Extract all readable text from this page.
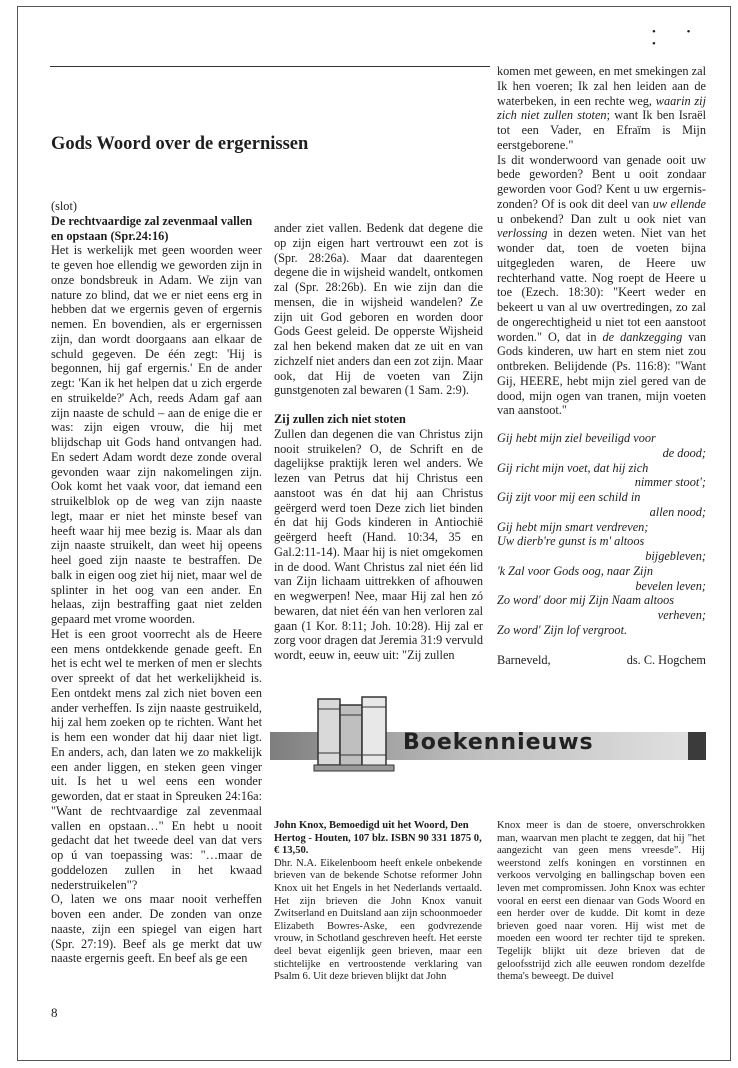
• • •
Gods Woord over de ergernissen

(slot)

De rechtvaardige zal zevenmaal vallen en opstaan (Spr.24:16)

Het is werkelijk met geen woorden weer te geven hoe ellendig we geworden zijn in onze bondsbreuk in Adam. We zijn van nature zo blind, dat we er niet eens erg in hebben dat we ergernis geven of ergernis nemen. En bovendien, als er ergernissen zijn, dan wordt doorgaans aan elkaar de schuld gegeven. De één zegt: 'Hij is begonnen, hij gaf ergernis.' En de ander zegt: 'Kan ik het helpen dat u zich ergerde en struikelde?' Ach, reeds Adam gaf aan zijn naaste de schuld – aan de enige die er was: zijn eigen vrouw, die hij met blijdschap uit Gods hand ontvangen had. En sedert Adam wordt deze zonde overal gevonden waar zijn nakomelingen zijn. Ook komt het vaak voor, dat iemand een struikelblok op de weg van zijn naaste legt, maar er niet het minste besef van heeft waar hij mee bezig is. Maar als dan zijn naaste struikelt, dan weet hij opeens heel goed zijn naaste te bestraffen. De balk in eigen oog ziet hij niet, maar wel de splinter in het oog van een ander. En helaas, zijn bestraffing gaat niet zelden gepaard met vrome woorden.

Het is een groot voorrecht als de Heere een mens ontdekkende genade geeft. En het is echt wel te merken of men er slechts over spreekt of dat het werkelijkheid is. Een ontdekt mens zal zich niet boven een ander verheffen. Is zijn naaste gestruikeld, hij zal hem zoeken op te richten. Want het is hem een wonder dat hij daar niet ligt. En anders, ach, dan laten we zo makkelijk een ander liggen, en steken geen vinger uit. Is het u wel eens een wonder geworden, dat er staat in Spreuken 24:16a: "Want de rechtvaardige zal zevenmaal vallen en opstaan…" En hebt u nooit gedacht dat het tweede deel van dat vers op ú van toepassing was: "…maar de goddelozen zullen in het kwaad nederstruikelen"?

O, laten we ons maar nooit verheffen boven een ander. De zonden van onze naaste, zijn een spiegel van eigen hart (Spr. 27:19). Beef als ge merkt dat uw naaste ergernis geeft. En beef als ge een

ander ziet vallen. Bedenk dat degene die op zijn eigen hart vertrouwt een zot is (Spr. 28:26a). Maar dat daarentegen degene die in wijsheid wandelt, ontkomen zal (Spr. 28:26b). En wie zijn dan die mensen, die in wijsheid wandelen? Ze zijn uit God geboren en worden door Gods Geest geleid. De opperste Wijsheid zal hen bekend maken dat ze uit en van zichzelf niet anders dan een zot zijn. Maar ook, dat Hij de voeten van Zijn gunstgenoten zal bewaren (1 Sam. 2:9).

Zij zullen zich niet stoten

Zullen dan degenen die van Christus zijn nooit struikelen? O, de Schrift en de dagelijkse praktijk leren wel anders. We lezen van Petrus dat hij Christus een aanstoot was én dat hij aan Christus geërgerd werd toen Deze zich liet binden én dat hij Gods kinderen in Antiochië geërgerd heeft (Hand. 10:34, 35 en Gal.2:11-14). Maar hij is niet omgekomen in de dood. Want Christus zal niet één lid van Zijn lichaam uittrekken of afhouwen en wegwerpen! Nee, maar Hij zal hen zó bewaren, dat niet één van hen verloren zal gaan (1 Kor. 8:11; Joh. 10:28). Hij zal er zorg voor dragen dat Jeremia 31:9 vervuld wordt, eeuw in, eeuw uit: "Zij zullen

komen met geween, en met smekingen zal Ik hen voeren; Ik zal hen leiden aan de waterbeken, in een rechte weg, waarin zij zich niet zullen stoten; want Ik ben Israël tot een Vader, en Efraïm is Mijn eerstgeborene."

Is dit wonderwoord van genade ooit uw bede geworden? Bent u ooit zondaar geworden voor God? Kent u uw ergernis-zonden? Of is ook dit deel van uw ellende u onbekend? Dan zult u ook niet van verlossing in dezen weten. Niet van het wonder dat, toen de voeten bijna uitgegleden waren, de Heere uw rechterhand vatte. Nog roept de Heere u toe (Ezech. 18:30): "Keert weder en bekeert u van al uw overtredingen, zo zal de ongerechtigheid u niet tot een aanstoot worden." O, dat in de dankzegging van Gods kinderen, uw hart en stem niet zou ontbreken. Belijdende (Ps. 116:8): "Want Gij, HEERE, hebt mijn ziel gered van de dood, mijn ogen van tranen, mijn voeten van aanstoot."

Gij hebt mijn ziel beveiligd voor
de dood;
Gij richt mijn voet, dat hij zich
nimmer stoot';
Gij zijt voor mij een schild in
allen nood;
Gij hebt mijn smart verdreven;
Uw dierb're gunst is m' altoos
bijgebleven;
'k Zal voor Gods oog, naar Zijn
bevelen leven;
Zo word' door mij Zijn Naam altoos
verheven;
Zo word' Zijn lof vergroot.
Barneveld,	ds. C. Hogchem
Boekennieuws

John Knox, Bemoedigd uit het Woord, Den Hertog - Houten, 107 blz. ISBN 90 331 1875 0, € 13,50.

Dhr. N.A. Eikelenboom heeft enkele onbekende brieven van de bekende Schotse reformer John Knox uit het Engels in het Nederlands vertaald. Het zijn brieven die John Knox vanuit Zwitserland en Duitsland aan zijn schoonmoeder Elizabeth Bowres-Aske, een godvrezende vrouw, in Schotland geschreven heeft. Het eerste deel bevat eigenlijk geen brieven, maar een stichtelijke en vertroostende verklaring van Psalm 6. Uit deze brieven blijkt dat John

Knox meer is dan de stoere, onverschrokken man, waarvan men placht te zeggen, dat hij "het aangezicht van geen mens vreesde". Hij weerstond zelfs koningen en vorstinnen en verkoos vervolging en ballingschap boven een leven met compromissen. John Knox was echter vooral en eerst een dienaar van Gods Woord en een herder over de kudde. Dit komt in deze brieven goed naar voren. Hij wist met de moeden een woord ter rechter tijd te spreken. Tegelijk blijkt uit deze brieven dat de geloofsstrijd zich alle eeuwen rondom dezelfde thema's beweegt. De duivel

8
